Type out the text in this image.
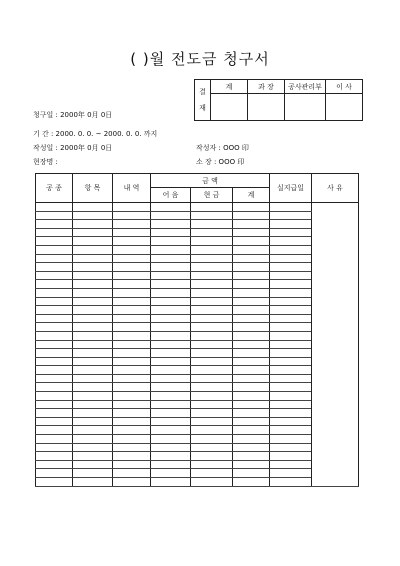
( )월 전도금 청구서
결
재	계	과 장	공사관리부	이 사

청구일 : 2000年 0月 0日
기 간 : 2000. 0. 0. ~ 2000. 0. 0. 까지
작성일 : 2000年 0月 0日
현장명 :
작성자 : OOO 印
소 장 : OOO 印
공 종	항 목	내 역	금 액			실지급일	사 유
			어 음	현 금	계		
